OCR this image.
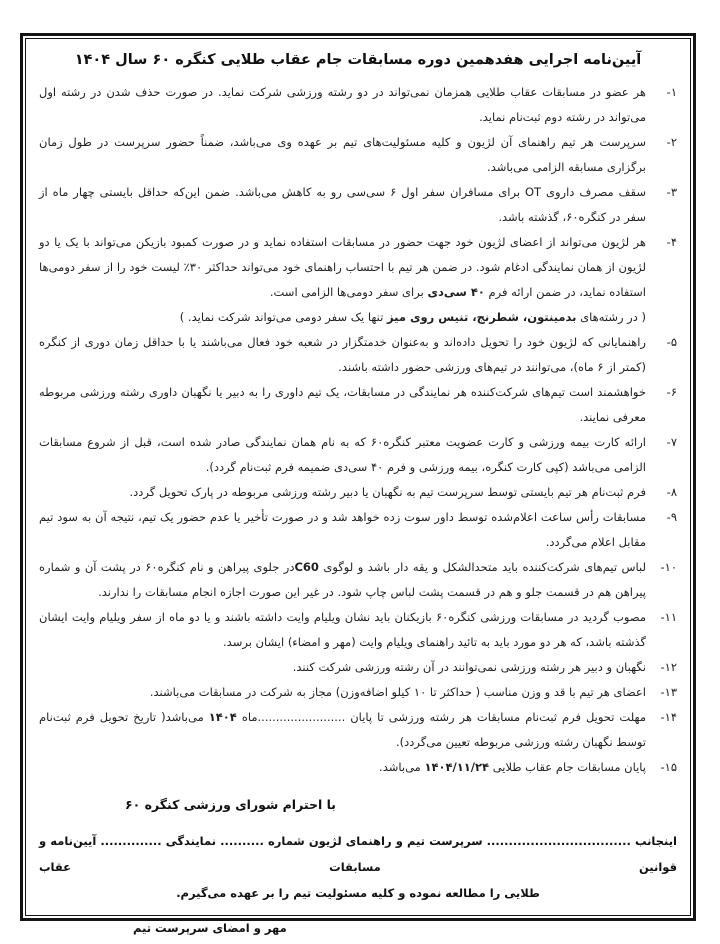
آیین‌نامه اجرایی هفدهمین دوره مسابقات جام عقاب طلایی کنگره ۶۰ سال ۱۴۰۴
۱-
هر عضو در مسابقات عقاب طلایی همزمان نمی‌تواند در دو رشته ورزشی شرکت نماید. در صورت حذف شدن در رشته اول می‌تواند در رشته دوم ثبت‌نام نماید.
۲-
سرپرست هر تیم راهنمای آن لژیون و کلیه مسئولیت‌های تیم بر عهده وی می‌باشد، ضمناً حضور سرپرست در طول زمان برگزاری مسابقه الزامی می‌باشد.
۳-
سقف مصرف داروی OT برای مسافران سفر اول ۶ سی‌سی رو به کاهش می‌باشد. ضمن این‌که حداقل بایستی چهار ماه از سفر در کنگره۶۰، گذشته باشد.
۴-
هر لژیون می‌تواند از اعضای لژیون خود جهت حضور در مسابقات استفاده نماید و در صورت کمبود بازیکن می‌تواند با یک یا دو لژیون از همان نمایندگی ادغام شود. در ضمن هر تیم با احتساب راهنمای خود می‌تواند حداکثر ۳۰٪ لیست خود را از سفر دومی‌ها استفاده نماید، در ضمن ارائه فرم ۴۰ سی‌دی برای سفر دومی‌ها الزامی است.
( در رشته‌های بدمینتون، شطرنج، تنیس روی میز تنها یک سفر دومی می‌تواند شرکت نماید. )
۵-
راهنمایانی که لژیون خود را تحویل داده‌اند و به‌عنوان خدمتگزار در شعبه خود فعال می‌باشند یا با حداقل زمان دوری از کنگره (کمتر از ۶ ماه)، می‌توانند در تیم‌های ورزشی حضور داشته باشند.
۶-
خواهشمند است تیم‌های شرکت‌کننده هر نمایندگی در مسابقات، یک تیم داوری را به دبیر یا نگهبان داوری رشته ورزشی مربوطه معرفی نمایند.
۷-
ارائه کارت بیمه ورزشی و کارت عضویت معتبر کنگره۶۰ که به نام همان نمایندگی صادر شده است، قبل از شروع مسابقات الزامی می‌باشد (کپی کارت کنگره، بیمه ورزشی و فرم ۴۰ سی‌دی ضمیمه فرم ثبت‌نام گردد).
۸-
فرم ثبت‌نام هر تیم بایستی توسط سرپرست تیم به نگهبان یا دبیر رشته ورزشی مربوطه در پارک تحویل گردد.
۹-
مسابقات رأس ساعت اعلام‌شده توسط داور سوت زده خواهد شد و در صورت تأخیر یا عدم حضور یک تیم، نتیجه آن به سود تیم مقابل اعلام می‌گردد.
۱۰-
لباس تیم‌های شرکت‌کننده باید متحدالشکل و یقه دار باشد و لوگوی C60در جلوی پیراهن و نام کنگره۶۰ در پشت آن و شماره پیراهن هم در قسمت جلو و هم در قسمت پشت لباس چاپ شود. در غیر این صورت اجازه انجام مسابقات را ندارند.
۱۱-
مصوب گردید در مسابقات ورزشی کنگره۶۰ بازیکنان باید نشان ویلیام وایت داشته باشند و یا دو ماه از سفر ویلیام وایت ایشان گذشته باشد، که هر دو مورد باید به تائید راهنمای ویلیام وایت (مهر و امضاء) ایشان برسد.
۱۲-
نگهبان و دبیر هر رشته ورزشی نمی‌توانند در آن رشته ورزشی شرکت کنند.
۱۳-
اعضای هر تیم با قد و وزن مناسب ( حداکثر تا ۱۰ کیلو اضافه‌وزن) مجاز به شرکت در مسابقات می‌باشند.
۱۴-
مهلت تحویل فرم ثبت‌نام مسابقات هر رشته ورزشی تا پایان ........................ماه ۱۴۰۴ می‌باشد( تاریخ تحویل فرم ثبت‌نام توسط نگهبان رشته ورزشی مربوطه تعیین می‌گردد).
۱۵-
پایان مسابقات جام عقاب طلایی ۱۴۰۴/۱۱/۲۴ می‌باشد.
با احترام شورای ورزشی کنگره ۶۰
اینجانب ................................. سرپرست تیم و راهنمای لژیون شماره .......... نمایندگی .............. آیین‌نامه و قوانین مسابقات عقاب
طلایی را مطالعه نموده و کلیه مسئولیت تیم را بر عهده می‌گیرم.
مهر و امضای سرپرست تیم
